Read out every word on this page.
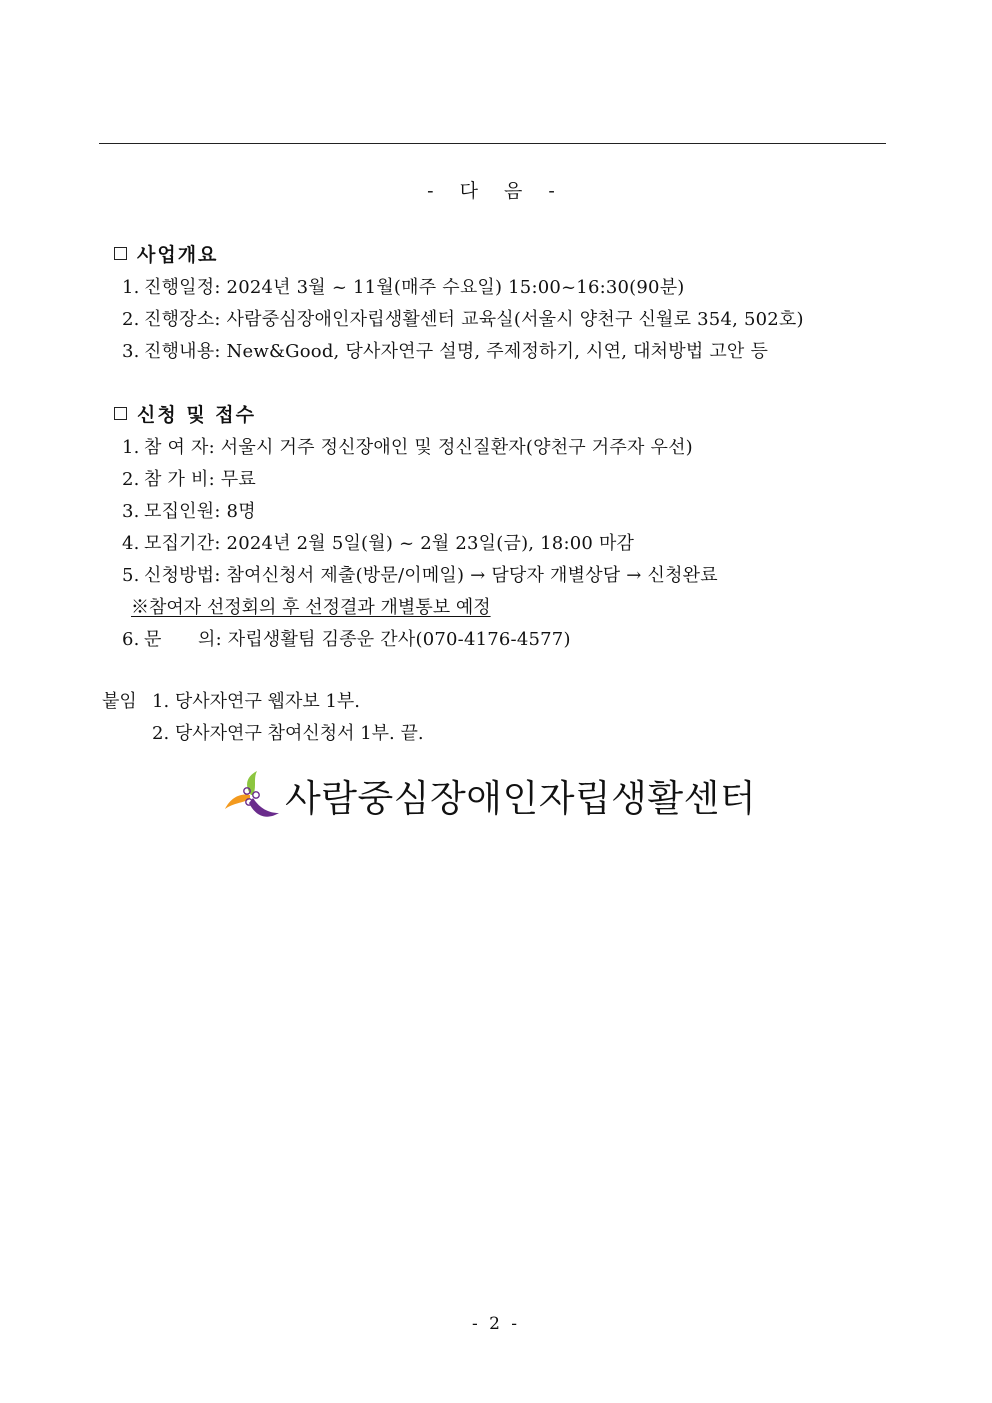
- 다 음 -
사업개요
1. 진행일정: 2024년 3월 ~ 11월(매주 수요일) 15:00~16:30(90분)
2. 진행장소: 사람중심장애인자립생활센터 교육실(서울시 양천구 신월로 354, 502호)
3. 진행내용: New&Good, 당사자연구 설명, 주제정하기, 시연, 대처방법 고안 등
신청 및 접수
1. 참 여 자: 서울시 거주 정신장애인 및 정신질환자(양천구 거주자 우선)
2. 참 가 비: 무료
3. 모집인원: 8명
4. 모집기간: 2024년 2월 5일(월) ~ 2월 23일(금), 18:00 마감
5. 신청방법: 참여신청서 제출(방문/이메일) → 담당자 개별상담 → 신청완료
※참여자 선정회의 후 선정결과 개별통보 예정
6. 문　　의: 자립생활팀 김종운 간사(070-4176-4577)
붙임 1. 당사자연구 웹자보 1부.
2. 당사자연구 참여신청서 1부. 끝.
사람중심장애인자립생활센터
- 2 -
